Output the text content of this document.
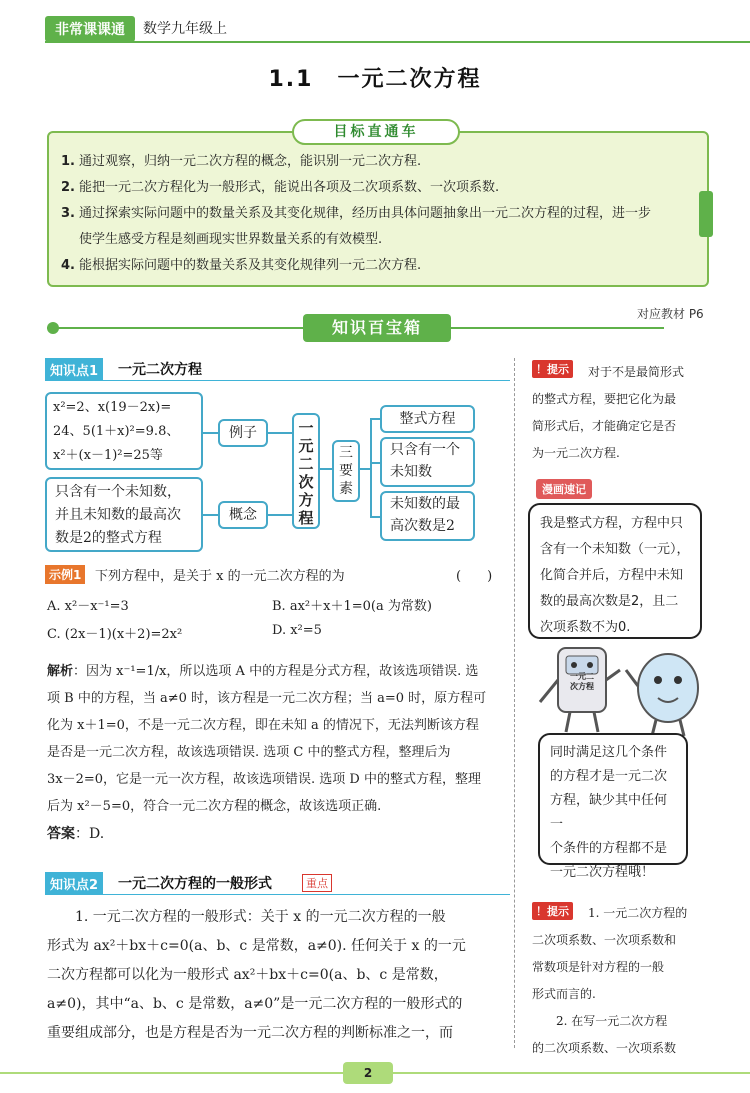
非常课课通	数学九年级上
1.1　一元二次方程
目标直通车
1. 通过观察，归纳一元二次方程的概念，能识别一元二次方程.
2. 能把一元二次方程化为一般形式，能说出各项及二次项系数、一次项系数.
3. 通过探索实际问题中的数量关系及其变化规律，经历由具体问题抽象出一元二次方程的过程，进一步
使学生感受方程是刻画现实世界数量关系的有效模型.
4. 能根据实际问题中的数量关系及其变化规律列一元二次方程.
知识百宝箱
对应教材 P6
知识点1	一元二次方程
x²=2、x(19－2x)=
24、5(1＋x)²=9.8、
x²＋(x－1)²=25等
只含有一个未知数，
并且未知数的最高次
数是2的整式方程
例子
概念
一
元
二
次
方
程
三
要
素
整式方程
只含有一个
未知数
未知数的最
高次数是2
示例1	下列方程中，是关于 x 的一元二次方程的为	(　　)
A. x²－x⁻¹=3	B. ax²＋x＋1=0(a 为常数)
C. (2x－1)(x＋2)=2x²	D. x²=5
解析：因为 x⁻¹=1/x，所以选项 A 中的方程是分式方程，故该选项错误. 选
项 B 中的方程，当 a≠0 时，该方程是一元二次方程；当 a=0 时，原方程可
化为 x＋1=0，不是一元二次方程，即在未知 a 的情况下，无法判断该方程
是否是一元二次方程，故该选项错误. 选项 C 中的整式方程，整理后为
3x－2=0，它是一元一次方程，故该选项错误. 选项 D 中的整式方程，整理
后为 x²－5=0，符合一元二次方程的概念，故该选项正确.
答案：D.
知识点2	一元二次方程的一般形式	重点
1. 一元二次方程的一般形式：关于 x 的一元二次方程的一般
形式为 ax²＋bx＋c=0(a、b、c 是常数，a≠0). 任何关于 x 的一元
二次方程都可以化为一般形式 ax²＋bx＋c=0(a、b、c 是常数，
a≠0)，其中“a、b、c 是常数，a≠0”是一元二次方程的一般形式的
重要组成部分，也是方程是否为一元二次方程的判断标准之一，而
！提示	对于不是最简形式
的整式方程，要把它化为最
简形式后，才能确定它是否
为一元二次方程.
漫画速记
我是整式方程，方程中只
含有一个未知数（一元），
化简合并后，方程中未知
数的最高次数是2，且二
次项系数不为0.
一元二
次方程
同时满足这几个条件
的方程才是一元二次
方程，缺少其中任何一
个条件的方程都不是
一元二次方程哦！
！提示	1. 一元二次方程的
二次项系数、一次项系数和
常数项是针对方程的一般
形式而言的.
2. 在写一元二次方程
的二次项系数、一次项系数
2
